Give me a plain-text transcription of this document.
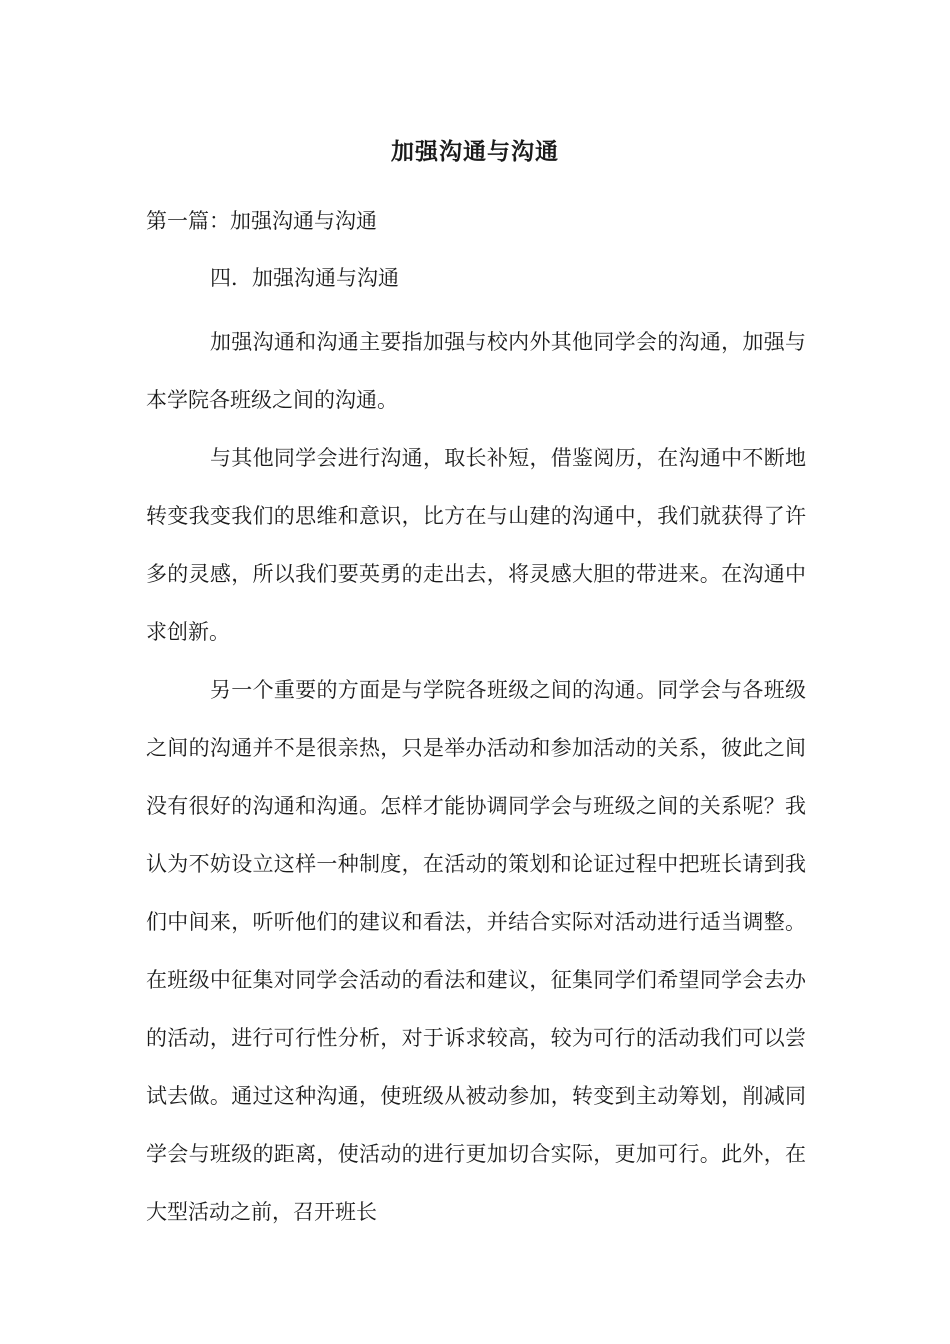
加强沟通与沟通

第一篇：加强沟通与沟通

四．加强沟通与沟通

加强沟通和沟通主要指加强与校内外其他同学会的沟通，加强与本学院各班级之间的沟通。

与其他同学会进行沟通，取长补短，借鉴阅历，在沟通中不断地转变我变我们的思维和意识，比方在与山建的沟通中，我们就获得了许多的灵感，所以我们要英勇的走出去，将灵感大胆的带进来。在沟通中求创新。

另一个重要的方面是与学院各班级之间的沟通。同学会与各班级之间的沟通并不是很亲热，只是举办活动和参加活动的关系，彼此之间没有很好的沟通和沟通。怎样才能协调同学会与班级之间的关系呢？我认为不妨设立这样一种制度，在活动的策划和论证过程中把班长请到我们中间来，听听他们的建议和看法，并结合实际对活动进行适当调整。在班级中征集对同学会活动的看法和建议，征集同学们希望同学会去办的活动，进行可行性分析，对于诉求较高，较为可行的活动我们可以尝试去做。通过这种沟通，使班级从被动参加，转变到主动筹划，削减同学会与班级的距离，使活动的进行更加切合实际，更加可行。此外，在大型活动之前，召开班长
